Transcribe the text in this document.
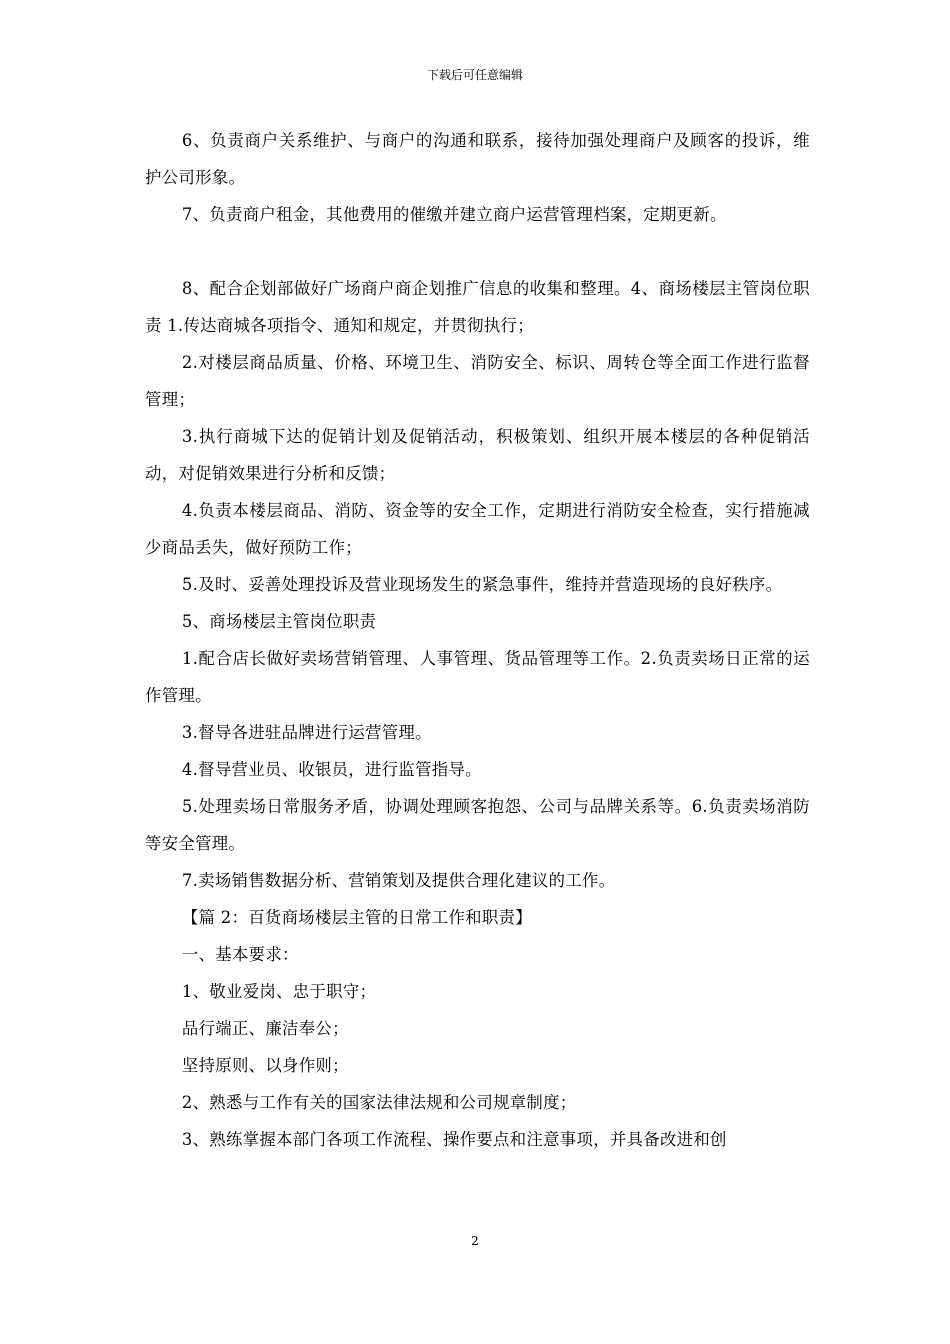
下载后可任意编辑

6、负责商户关系维护、与商户的沟通和联系，接待加强处理商户及顾客的投诉，维护公司形象。

7、负责商户租金，其他费用的催缴并建立商户运营管理档案，定期更新。

8、配合企划部做好广场商户商企划推广信息的收集和整理。4、商场楼层主管岗位职责 1.传达商城各项指令、通知和规定，并贯彻执行；

2.对楼层商品质量、价格、环境卫生、消防安全、标识、周转仓等全面工作进行监督管理；

3.执行商城下达的促销计划及促销活动，积极策划、组织开展本楼层的各种促销活动，对促销效果进行分析和反馈；

4.负责本楼层商品、消防、资金等的安全工作，定期进行消防安全检查，实行措施减少商品丢失，做好预防工作；

5.及时、妥善处理投诉及营业现场发生的紧急事件，维持并营造现场的良好秩序。

5、商场楼层主管岗位职责

1.配合店长做好卖场营销管理、人事管理、货品管理等工作。2.负责卖场日正常的运作管理。

3.督导各进驻品牌进行运营管理。

4.督导营业员、收银员，进行监管指导。

5.处理卖场日常服务矛盾，协调处理顾客抱怨、公司与品牌关系等。6.负责卖场消防等安全管理。

7.卖场销售数据分析、营销策划及提供合理化建议的工作。

【篇 2：百货商场楼层主管的日常工作和职责】

一、基本要求：

1、敬业爱岗、忠于职守；

品行端正、廉洁奉公；

坚持原则、以身作则；

2、熟悉与工作有关的国家法律法规和公司规章制度；

3、熟练掌握本部门各项工作流程、操作要点和注意事项，并具备改进和创

2
